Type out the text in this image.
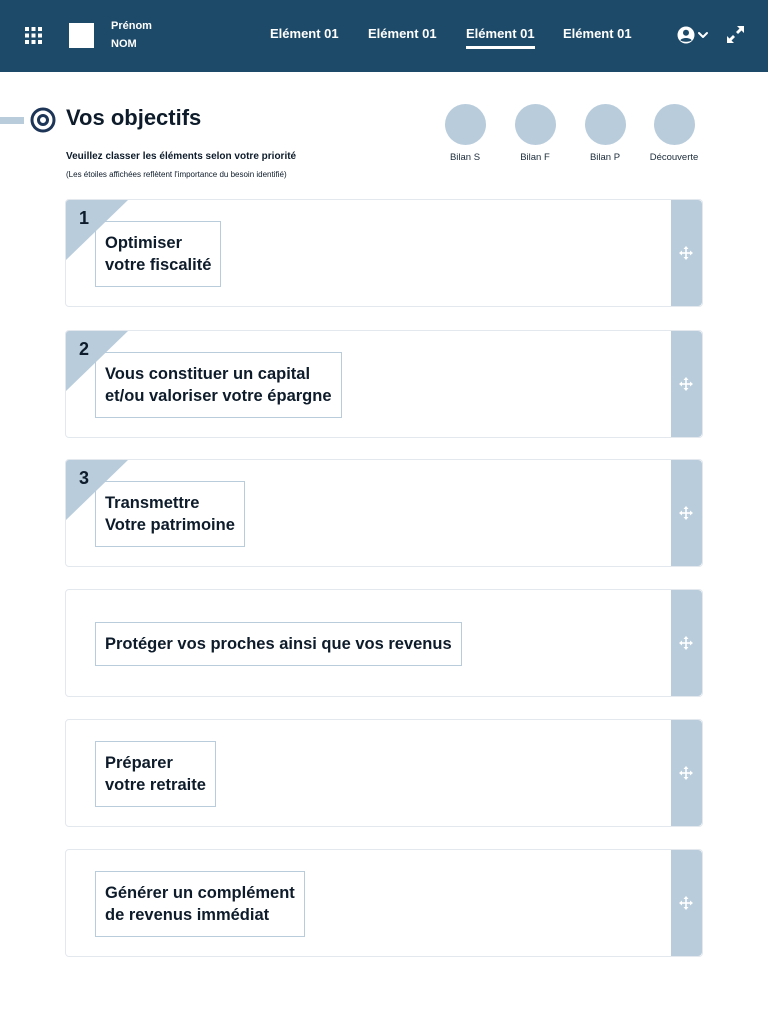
Prénom
NOM
Elément 01 Elément 01 Elément 01 Elément 01
Vos objectifs
Veuillez classer les éléments selon votre priorité
(Les étoiles affichées reflètent l'importance du besoin identifié)
Bilan S	Bilan F	Bilan P	Découverte
1
Optimiser
votre fiscalité
2
Vous constituer un capital
et/ou valoriser votre épargne
3
Transmettre
Votre patrimoine
Protéger vos proches ainsi que vos revenus
Préparer
votre retraite
Générer un complément
de revenus immédiat
